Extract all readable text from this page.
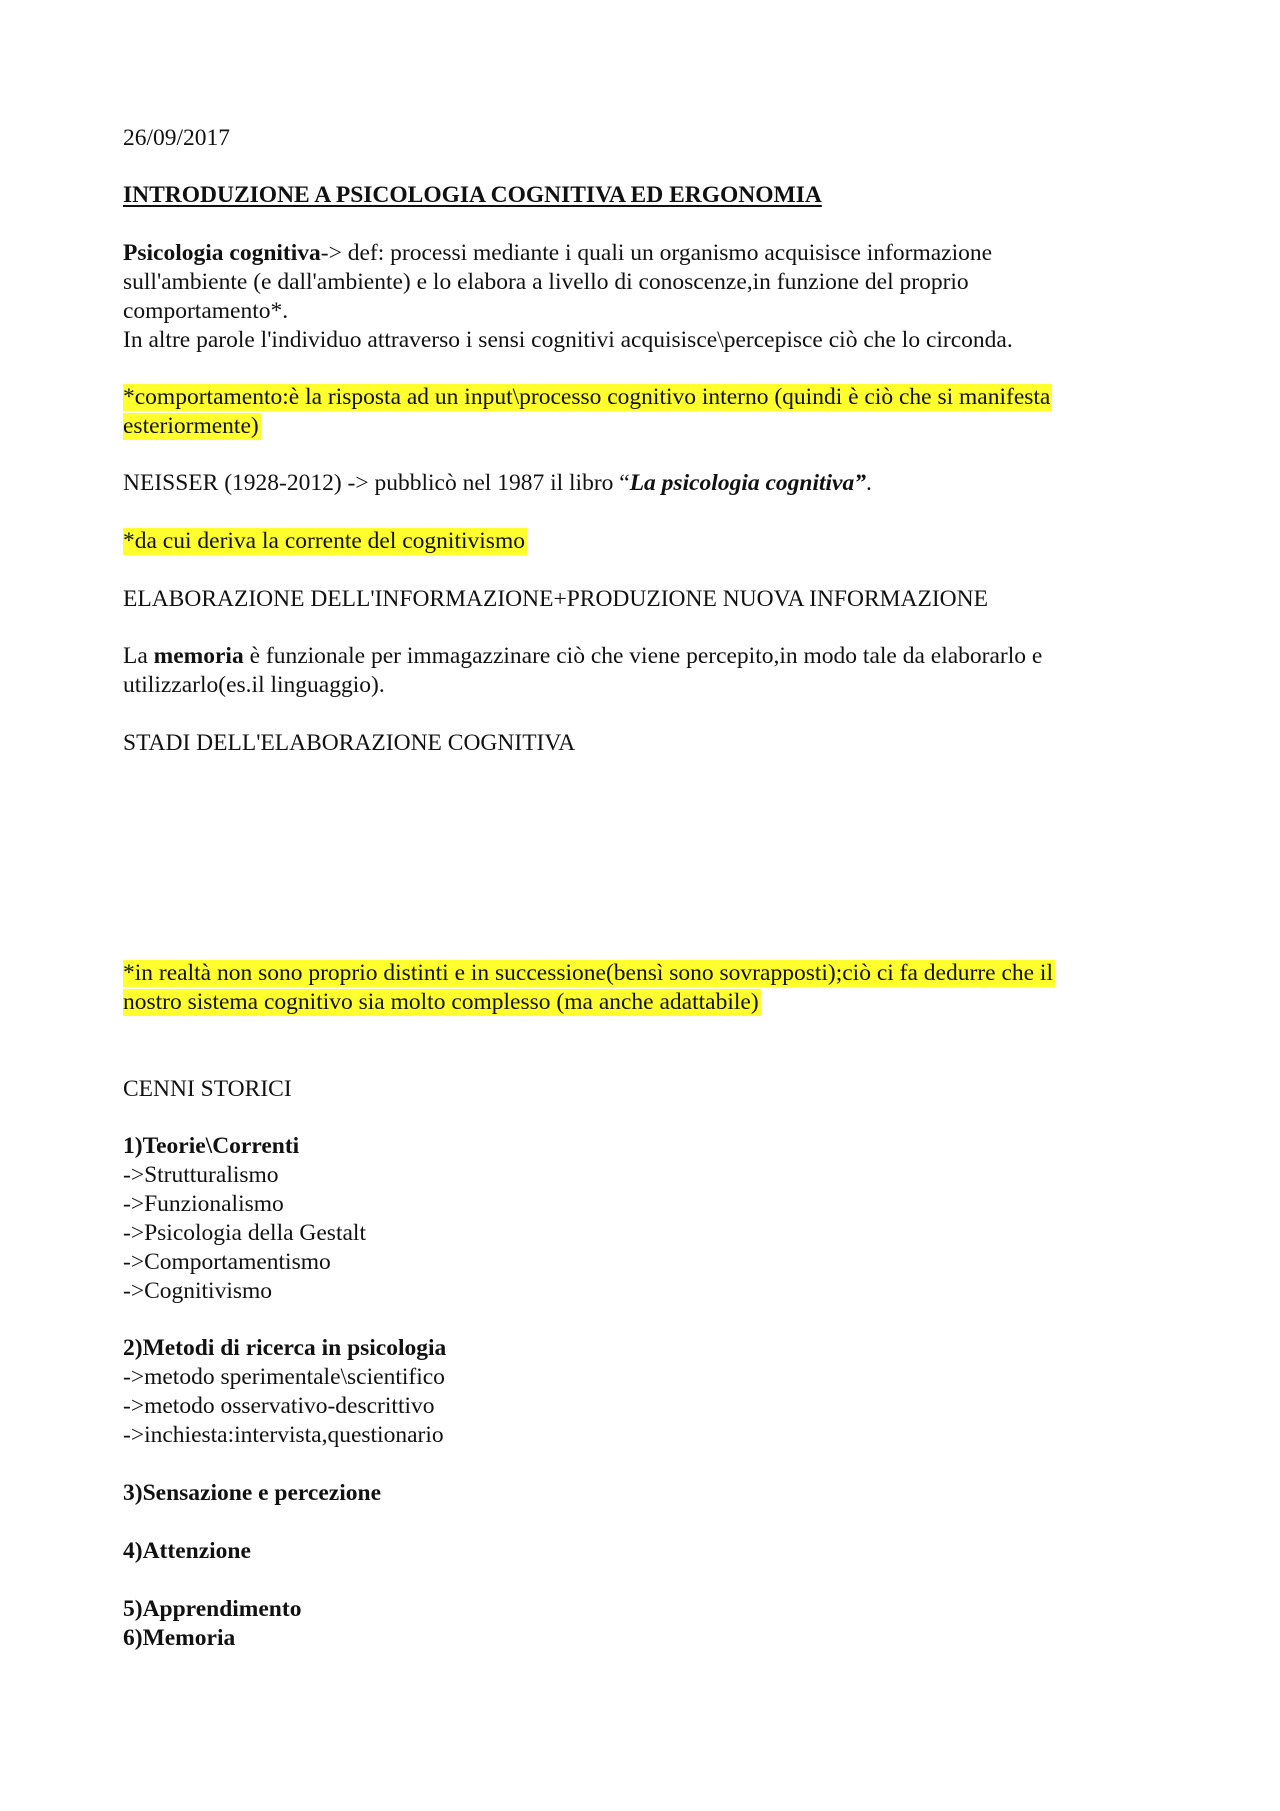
26/09/2017
INTRODUZIONE A PSICOLOGIA COGNITIVA ED ERGONOMIA
Psicologia cognitiva-> def: processi mediante i quali un organismo acquisisce informazione
sull'ambiente (e dall'ambiente) e lo elabora a livello di conoscenze,in funzione del proprio
comportamento*.
In altre parole l'individuo attraverso i sensi cognitivi acquisisce\percepisce ciò che lo circonda.
*comportamento:è la risposta ad un input\processo cognitivo interno (quindi è ciò che si manifesta
esteriormente)
NEISSER (1928-2012) -> pubblicò nel 1987 il libro “La psicologia cognitiva”.
*da cui deriva la corrente del cognitivismo
ELABORAZIONE DELL'INFORMAZIONE+PRODUZIONE NUOVA INFORMAZIONE
La memoria è funzionale per immagazzinare ciò che viene percepito,in modo tale da elaborarlo e
utilizzarlo(es.il linguaggio).
STADI DELL'ELABORAZIONE COGNITIVA
*in realtà non sono proprio distinti e in successione(bensì sono sovrapposti);ciò ci fa dedurre che il
nostro sistema cognitivo sia molto complesso (ma anche adattabile)
CENNI STORICI
1)Teorie\Correnti
->Strutturalismo
->Funzionalismo
->Psicologia della Gestalt
->Comportamentismo
->Cognitivismo
2)Metodi di ricerca in psicologia
->metodo sperimentale\scientifico
->metodo osservativo-descrittivo
->inchiesta:intervista,questionario
3)Sensazione e percezione
4)Attenzione
5)Apprendimento
6)Memoria
